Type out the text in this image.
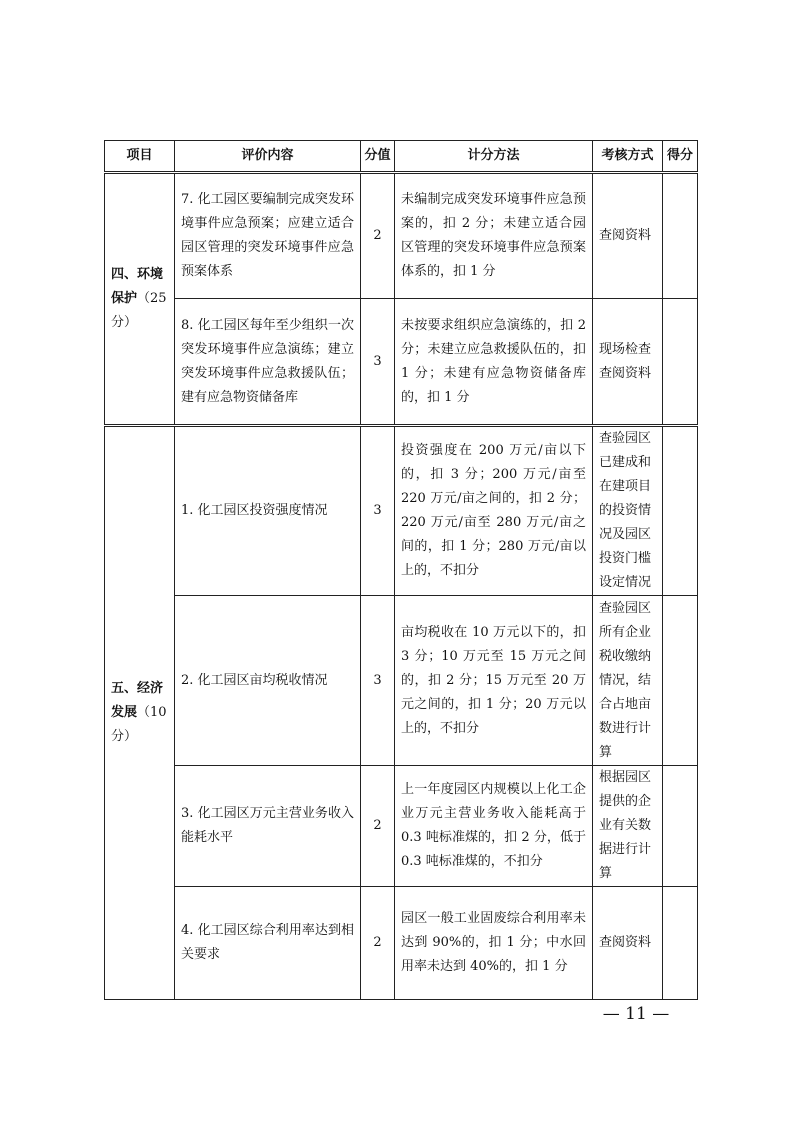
项目	评价内容	分值	计分方法	考核方式	得分
四、环境保护（25分）	7. 化工园区要编制完成突发环境事件应急预案；应建立适合园区管理的突发环境事件应急预案体系	2	未编制完成突发环境事件应急预案的，扣 2 分；未建立适合园区管理的突发环境事件应急预案体系的，扣 1 分	查阅资料	
	8. 化工园区每年至少组织一次突发环境事件应急演练；建立突发环境事件应急救援队伍；建有应急物资储备库	3	未按要求组织应急演练的，扣 2 分；未建立应急救援队伍的，扣 1 分；未建有应急物资储备库的，扣 1 分	现场检查查阅资料	
五、经济发展（10分）	1. 化工园区投资强度情况	3	投资强度在 200 万元/亩以下的，扣 3 分；200 万元/亩至 220 万元/亩之间的，扣 2 分；220 万元/亩至 280 万元/亩之间的，扣 1 分；280 万元/亩以上的，不扣分	查验园区已建成和在建项目的投资情况及园区投资门槛设定情况	
	2. 化工园区亩均税收情况	3	亩均税收在 10 万元以下的，扣 3 分；10 万元至 15 万元之间的，扣 2 分；15 万元至 20 万元之间的，扣 1 分；20 万元以上的，不扣分	查验园区所有企业税收缴纳情况，结合占地亩数进行计算	
	3. 化工园区万元主营业务收入能耗水平	2	上一年度园区内规模以上化工企业万元主营业务收入能耗高于 0.3 吨标准煤的，扣 2 分，低于 0.3 吨标准煤的，不扣分	根据园区提供的企业有关数据进行计算	
	4. 化工园区综合利用率达到相关要求	2	园区一般工业固废综合利用率未达到 90%的，扣 1 分；中水回用率未达到 40%的，扣 1 分	查阅资料	
— 11 —
